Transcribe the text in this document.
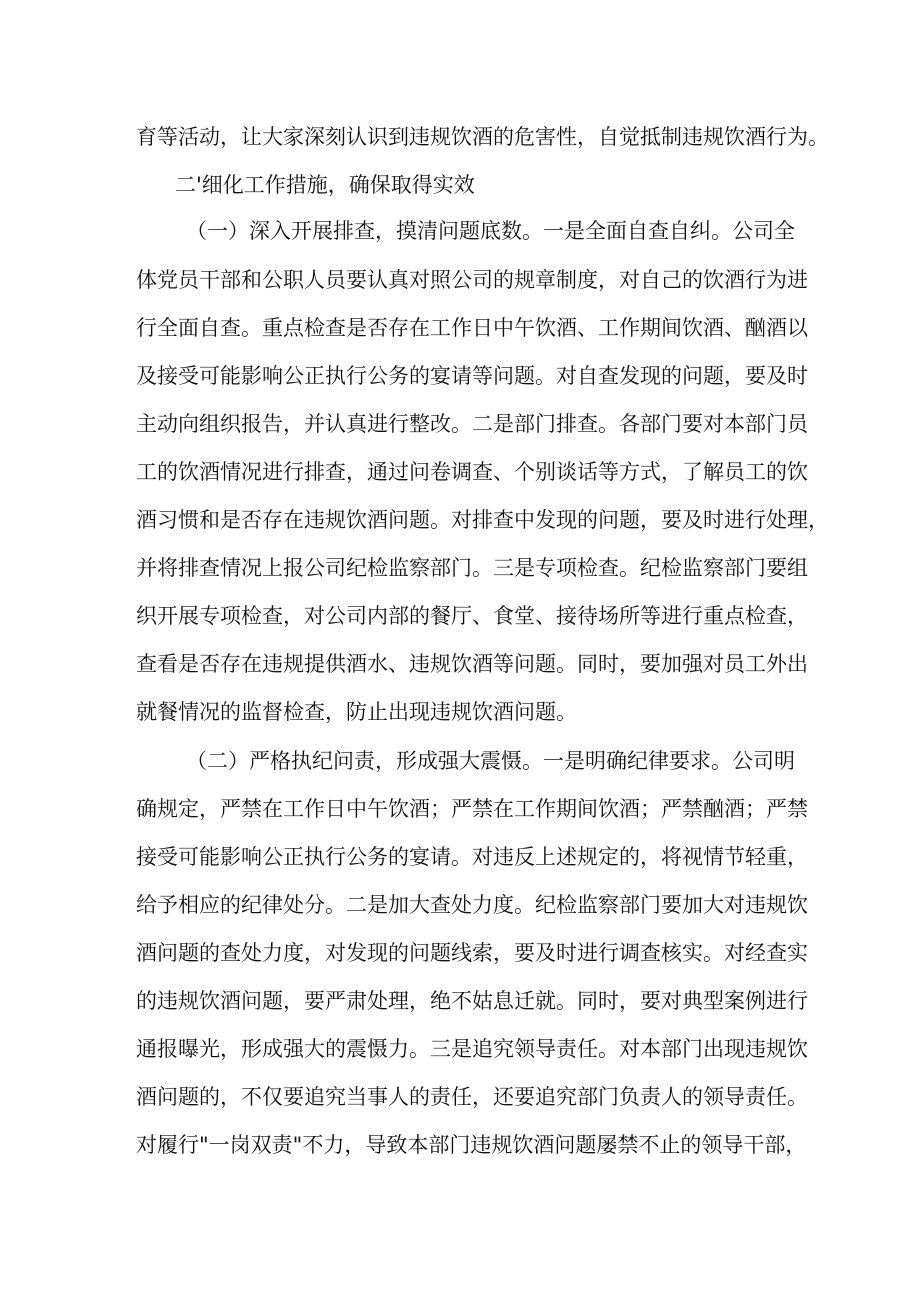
育等活动，让大家深刻认识到违规饮酒的危害性，自觉抵制违规饮酒行为。
二'细化工作措施，确保取得实效
（一）深入开展排查，摸清问题底数。一是全面自查自纠。公司全
体党员干部和公职人员要认真对照公司的规章制度，对自己的饮酒行为进
行全面自查。重点检查是否存在工作日中午饮酒、工作期间饮酒、酗酒以
及接受可能影响公正执行公务的宴请等问题。对自查发现的问题，要及时
主动向组织报告，并认真进行整改。二是部门排查。各部门要对本部门员
工的饮酒情况进行排查，通过问卷调查、个别谈话等方式，了解员工的饮
酒习惯和是否存在违规饮酒问题。对排查中发现的问题，要及时进行处理，
并将排查情况上报公司纪检监察部门。三是专项检查。纪检监察部门要组
织开展专项检查，对公司内部的餐厅、食堂、接待场所等进行重点检查，
查看是否存在违规提供酒水、违规饮酒等问题。同时，要加强对员工外出
就餐情况的监督检查，防止出现违规饮酒问题。
（二）严格执纪问责，形成强大震慑。一是明确纪律要求。公司明
确规定，严禁在工作日中午饮酒；严禁在工作期间饮酒；严禁酗酒；严禁
接受可能影响公正执行公务的宴请。对违反上述规定的，将视情节轻重，
给予相应的纪律处分。二是加大查处力度。纪检监察部门要加大对违规饮
酒问题的查处力度，对发现的问题线索，要及时进行调查核实。对经查实
的违规饮酒问题，要严肃处理，绝不姑息迁就。同时，要对典型案例进行
通报曝光，形成强大的震慑力。三是追究领导责任。对本部门出现违规饮
酒问题的，不仅要追究当事人的责任，还要追究部门负责人的领导责任。
对履行"一岗双责"不力，导致本部门违规饮酒问题屡禁不止的领导干部，
